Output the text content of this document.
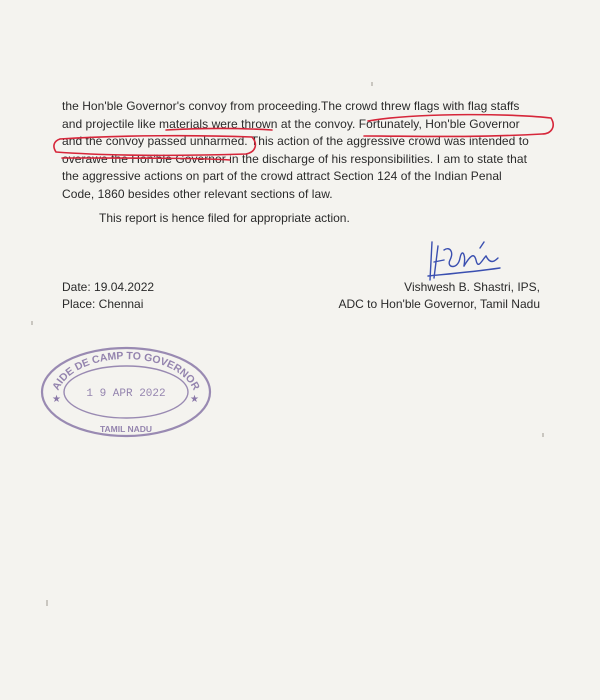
the Hon'ble Governor's convoy from proceeding.The crowd threw flags with flag staffs

and projectile like materials were thrown at the convoy. Fortunately, Hon'ble Governor

and the convoy passed unharmed. This action of the aggressive crowd was intended to

overawe the Hon'ble Governor in the discharge of his responsibilities. I am to state that

the aggressive actions on part of the crowd attract Section 124 of the Indian Penal

Code, 1860 besides other relevant sections of law.

This report is hence filed for appropriate action.
Date: 19.04.2022
Place: Chennai
Vishwesh B. Shastri, IPS,
ADC to Hon'ble Governor, Tamil Nadu
AIDE DE CAMP TO GOVERNOR
1 9 APR 2022
TAMIL NADU
★	★
